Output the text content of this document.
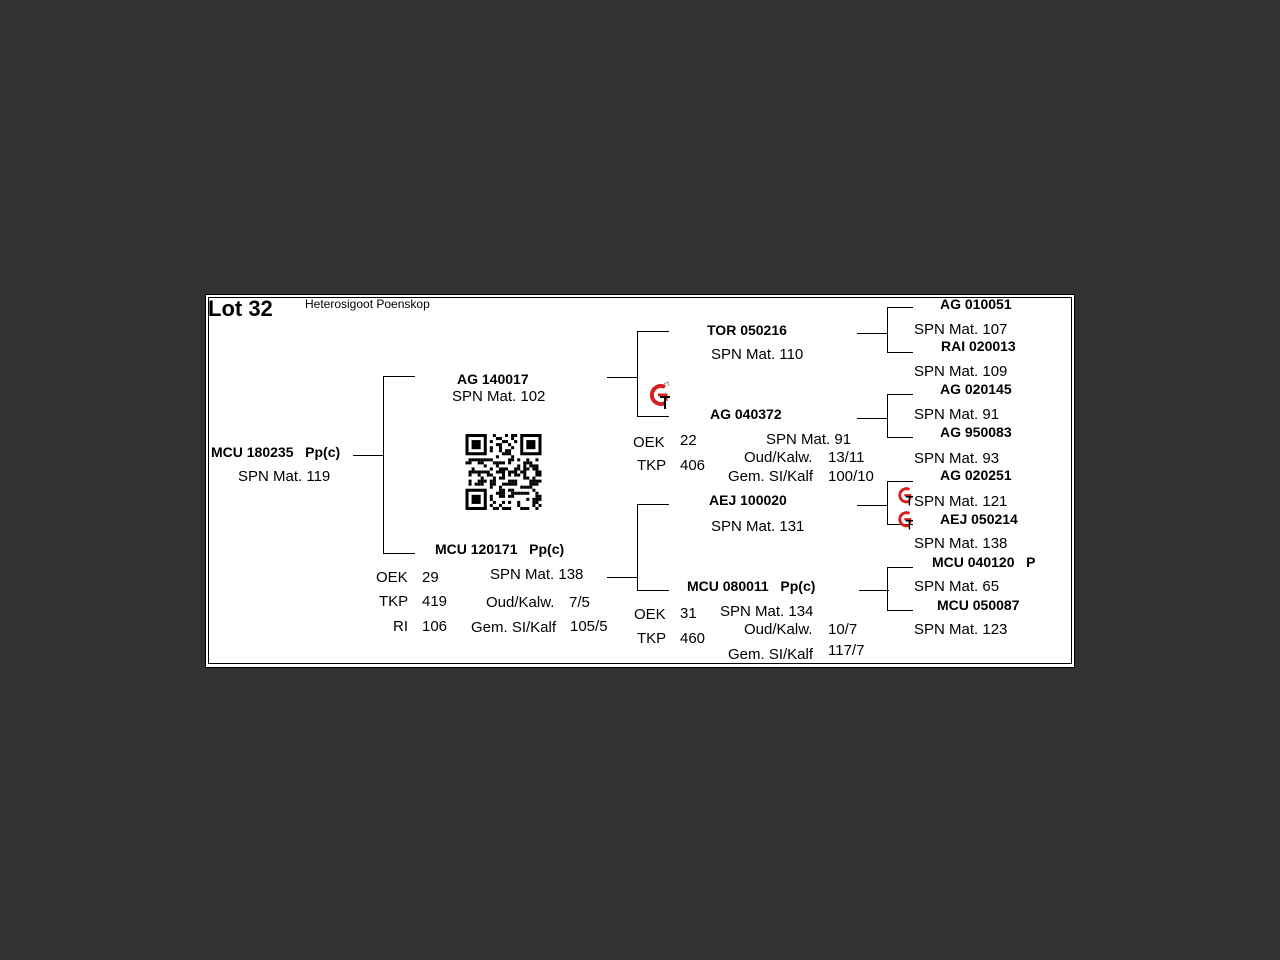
Lot 32	Heterosigoot Poenskop
MCU 180235 Pp(c)
SPN Mat. 119
AG 140017
SPN Mat. 102
MCU 120171 Pp(c)
SPN Mat. 138
OEK 29
TKP 419
RI 106
Oud/Kalw. 7/5
Gem. SI/Kalf 105/5
TOR 050216
SPN Mat. 110
AG 040372
SPN Mat. 91
OEK 22
TKP 406	Oud/Kalw. 13/11
Gem. SI/Kalf 100/10
AEJ 100020
SPN Mat. 131
MCU 080011 Pp(c)
SPN Mat. 134
OEK 31
TKP 460
Oud/Kalw. 10/7
Gem. SI/Kalf 117/7
AG 010051
SPN Mat. 107
RAI 020013
SPN Mat. 109
AG 020145
SPN Mat. 91
AG 950083
SPN Mat. 93
AG 020251
SPN Mat. 121
AEJ 050214
SPN Mat. 138
MCU 040120 P
SPN Mat. 65
MCU 050087
SPN Mat. 123
